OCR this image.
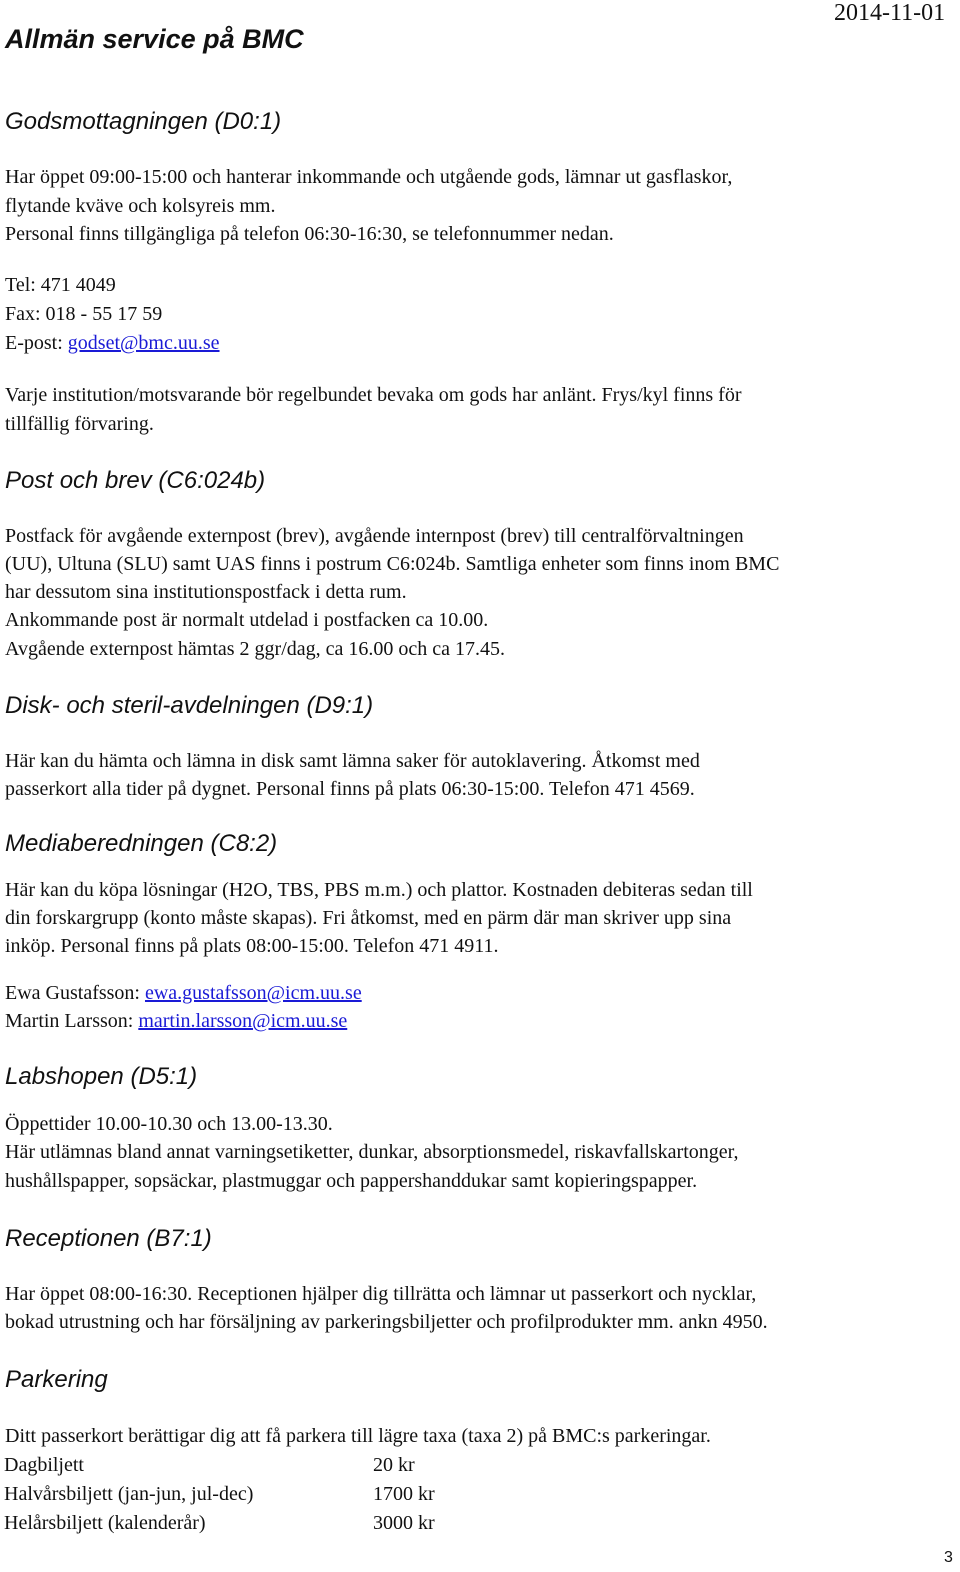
Allmän service på BMC
2014-11-01
Godsmottagningen (D0:1)
Har öppet 09:00-15:00 och hanterar inkommande och utgående gods, lämnar ut gasflaskor,
flytande kväve och kolsyreis mm.
Personal finns tillgängliga på telefon 06:30-16:30, se telefonnummer nedan.
Tel: 471 4049
Fax: 018 - 55 17 59
E-post: godset@bmc.uu.se
Varje institution/motsvarande bör regelbundet bevaka om gods har anlänt. Frys/kyl finns för
tillfällig förvaring.
Post och brev (C6:024b)
Postfack för avgående externpost (brev), avgående internpost (brev) till centralförvaltningen
(UU), Ultuna (SLU) samt UAS finns i postrum C6:024b. Samtliga enheter som finns inom BMC
har dessutom sina institutionspostfack i detta rum.
Ankommande post är normalt utdelad i postfacken ca 10.00.
Avgående externpost hämtas 2 ggr/dag, ca 16.00 och ca 17.45.
Disk- och steril-avdelningen (D9:1)
Här kan du hämta och lämna in disk samt lämna saker för autoklavering. Åtkomst med
passerkort alla tider på dygnet. Personal finns på plats 06:30-15:00. Telefon 471 4569.
Mediaberedningen (C8:2)
Här kan du köpa lösningar (H2O, TBS, PBS m.m.) och plattor. Kostnaden debiteras sedan till
din forskargrupp (konto måste skapas). Fri åtkomst, med en pärm där man skriver upp sina
inköp. Personal finns på plats 08:00-15:00. Telefon 471 4911.
Ewa Gustafsson: ewa.gustafsson@icm.uu.se
Martin Larsson: martin.larsson@icm.uu.se
Labshopen (D5:1)
Öppettider 10.00-10.30 och 13.00-13.30.
Här utlämnas bland annat varningsetiketter, dunkar, absorptionsmedel, riskavfallskartonger,
hushållspapper, sopsäckar, plastmuggar och pappershanddukar samt kopieringspapper.
Receptionen (B7:1)
Har öppet 08:00-16:30. Receptionen hjälper dig tillrätta och lämnar ut passerkort och nycklar,
bokad utrustning och har försäljning av parkeringsbiljetter och profilprodukter mm. ankn 4950.
Parkering
Ditt passerkort berättigar dig att få parkera till lägre taxa (taxa 2) på BMC:s parkeringar.
Dagbiljett	20 kr
Halvårsbiljett (jan-jun, jul-dec)	1700 kr
Helårsbiljett (kalenderår)	3000 kr
3
